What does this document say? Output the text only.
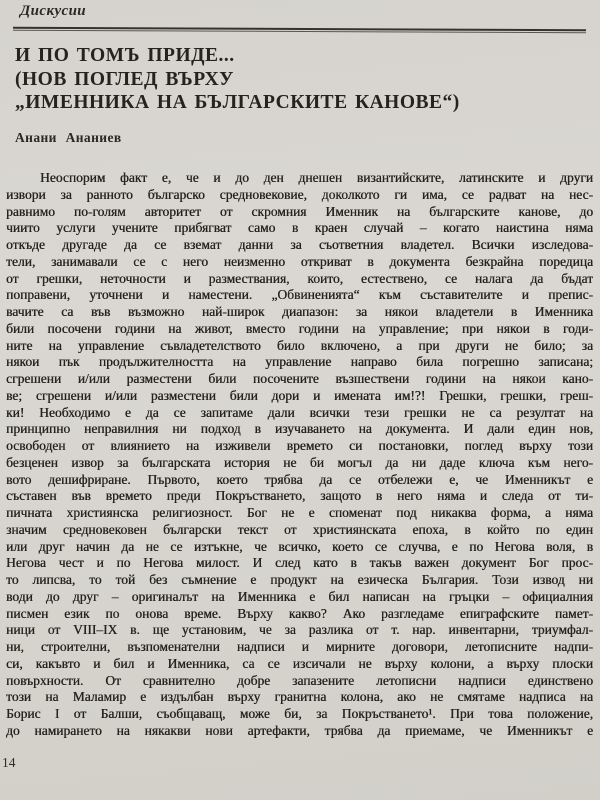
Дискусии
И ПО ТОМЪ ПРИДЕ...
(НОВ ПОГЛЕД ВЪРХУ
„ИМЕННИКА НА БЪЛГАРСКИТЕ КАНОВЕ“)
Анани Ананиев
Неоспорим факт е, че и до ден днешен византийските, латинските и други
извори за ранното българско средновековие, доколкото ги има, се радват на нес-
равнимо по-голям авторитет от скромния Именник на българските канове, до
чиито услуги учените прибягват само в краен случай – когато наистина няма
откъде другаде да се вземат данни за съответния владетел. Всички изследова-
тели, занимавали се с него неизменно откриват в документа безкрайна поредица
от грешки, неточности и размествания, които, естествено, се налага да бъдат
поправени, уточнени и наместени. „Обвиненията“ към съставителите и препис-
вачите са във възможно най-широк диапазон: за някои владетели в Именника
били посочени години на живот, вместо години на управление; при някои в годи-
ните на управление съвладетелството било включено, а при други не било; за
някои пък продължителността на управление направо била погрешно записана;
сгрешени и/или разместени били посочените възшествени години на някои кано-
ве; сгрешени и/или разместени били дори и имената им!?! Грешки, грешки, греш-
ки! Необходимо е да се запитаме дали всички тези грешки не са резултат на
принципно неправилния ни подход в изучаването на документа. И дали един нов,
освободен от влиянието на изживели времето си постановки, поглед върху този
безценен извор за българската история не би могъл да ни даде ключа към него-
вото дешифриране. Първото, което трябва да се отбележи е, че Именникът е
съставен във времето преди Покръстването, защото в него няма и следа от ти-
пичната християнска религиозност. Бог не е споменат под никаква форма, а няма
значим средновековен български текст от християнската епоха, в който по един
или друг начин да не се изтъкне, че всичко, което се случва, е по Негова воля, в
Негова чест и по Негова милост. И след като в такъв важен документ Бог прос-
то липсва, то той без съмнение е продукт на езическа България. Този извод ни
води до друг – оригиналът на Именника е бил написан на гръцки – официалния
писмен език по онова време. Върху какво? Ако разгледаме епиграфските памет-
ници от VIII–IX в. ще установим, че за разлика от т. нар. инвентарни, триумфал-
ни, строителни, възпоменателни надписи и мирните договори, летописните надпи-
си, какъвто и бил и Именника, са се изсичали не върху колони, а върху плоски
повърхности. От сравнително добре запазените летописни надписи единствено
този на Маламир е издълбан върху гранитна колона, ако не смятаме надписа на
Борис I от Балши, съобщаващ, може би, за Покръстването¹. При това положение,
до намирането на някакви нови артефакти, трябва да приемаме, че Именникът е
14
